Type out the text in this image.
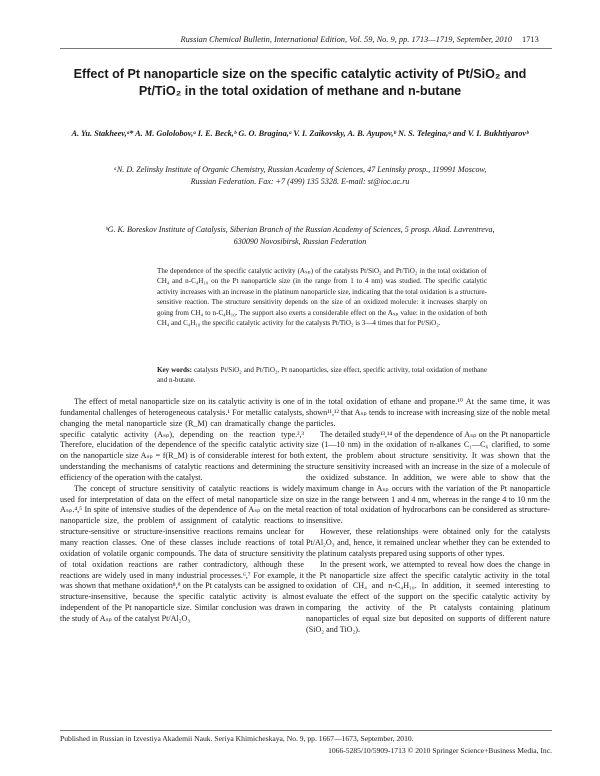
Russian Chemical Bulletin, International Edition, Vol. 59, No. 9, pp. 1713—1719, September, 2010 1713
Effect of Pt nanoparticle size on the specific catalytic activity of Pt/SiO₂ and Pt/TiO₂ in the total oxidation of methane and n-butane
A. Yu. Stakheev,ᵃ* A. M. Gololobov,ᵃ I. E. Beck,ᵇ G. O. Bragina,ᵃ V. I. Zaikovsky, A. B. Ayupov,ᵇ N. S. Telegina,ᵃ and V. I. Bukhtiyarovᵇ
ᵃN. D. Zelinsky Institute of Organic Chemistry, Russian Academy of Sciences, 47 Leninsky prosp., 119991 Moscow, Russian Federation. Fax: +7 (499) 135 5328. E-mail: st@ioc.ac.ru
ᵇG. K. Boreskov Institute of Catalysis, Siberian Branch of the Russian Academy of Sciences, 5 prosp. Akad. Lavrentreva, 630090 Novosibirsk, Russian Federation
The dependence of the specific catalytic activity (Aₛₚ) of the catalysts Pt/SiO₂ and Pt/TiO₂ in the total oxidation of CH₄ and n-C₄H₁₀ on the Pt nanoparticle size (in the range from 1 to 4 nm) was studied. The specific catalytic activity increases with an increase in the platinum nanoparticle size, indicating that the total oxidation is a structure-sensitive reaction. The structure sensitivity depends on the size of an oxidized molecule: it increases sharply on going from CH₄ to n-C₄H₁₀. The support also exerts a considerable effect on the Aₛₚ value: in the oxidation of both CH₄ and C₄H₁₀ the specific catalytic activity for the catalysts Pt/TiO₂ is 3—4 times that for Pt/SiO₂.
Key words: catalysts Pt/SiO₂ and Pt/TiO₂, Pt nanoparticles, size effect, specific activity, total oxidation of methane and n-butane.

The effect of metal nanoparticle size on its catalytic activity is one of fundamental challenges of heterogeneous catalysis.¹ For metallic catalysts, changing the metal nanoparticle size (R_M) can dramatically change the specific catalytic activity (Aₛₚ), depending on the reaction type.²,³ Therefore, elucidation of the dependence of the specific catalytic activity on the nanoparticle size Aₛₚ = f(R_M) is of considerable interest for both understanding the mechanisms of catalytic reactions and determining the efficiency of the operation with the catalyst.

The concept of structure sensitivity of catalytic reactions is widely used for interpretation of data on the effect of metal nanoparticle size on Aₛₚ.⁴,⁵ In spite of intensive studies of the dependence of Aₛₚ on the metal nanoparticle size, the problem of assignment of catalytic reactions to structure-sensitive or structure-insensitive reactions remains unclear for many reaction classes. One of these classes include reactions of total oxidation of volatile organic compounds. The data of structure sensitivity of total oxidation reactions are rather contradictory, although these reactions are widely used in many industrial processes.⁶,⁷ For example, it was shown that methane oxidation⁸,⁹ on the Pt catalysts can be assigned to structure-insensitive, because the specific catalytic activity is almost independent of the Pt nanoparticle size. Similar conclusion was drawn in the study of Aₛₚ of the catalyst Pt/Al₂O₃

in the total oxidation of ethane and propane.¹⁰ At the same time, it was shown¹¹,¹² that Aₛₚ tends to increase with increasing size of the noble metal particles.

The detailed study¹³,¹⁴ of the dependence of Aₛₚ on the Pt nanoparticle size (1—10 nm) in the oxidation of n-alkanes C₁—C₆ clarified, to some extent, the problem about structure sensitivity. It was shown that the structure sensitivity increased with an increase in the size of a molecule of the oxidized substance. In addition, we were able to show that the maximum change in Aₛₚ occurs with the variation of the Pt nanoparticle size in the range between 1 and 4 nm, whereas in the range 4 to 10 nm the reaction of total oxidation of hydrocarbons can be considered as structure-insensitive.

However, these relationships were obtained only for the catalysts Pt/Al₂O₃ and, hence, it remained unclear whether they can be extended to the platinum catalysts prepared using supports of other types.

In the present work, we attempted to reveal how does the change in the Pt nanoparticle size affect the specific catalytic activity in the total oxidation of CH₄ and n-C₄H₁₀. In addition, it seemed interesting to evaluate the effect of the support on the specific catalytic activity by comparing the activity of the Pt catalysts containing platinum nanoparticles of equal size but deposited on supports of different nature (SiO₂ and TiO₂).

Published in Russian in Izvestiya Akademii Nauk. Seriya Khimicheskaya, No. 9, pp. 1667—1673, September, 2010.
1066-5285/10/5909-1713 © 2010 Springer Science+Business Media, Inc.
